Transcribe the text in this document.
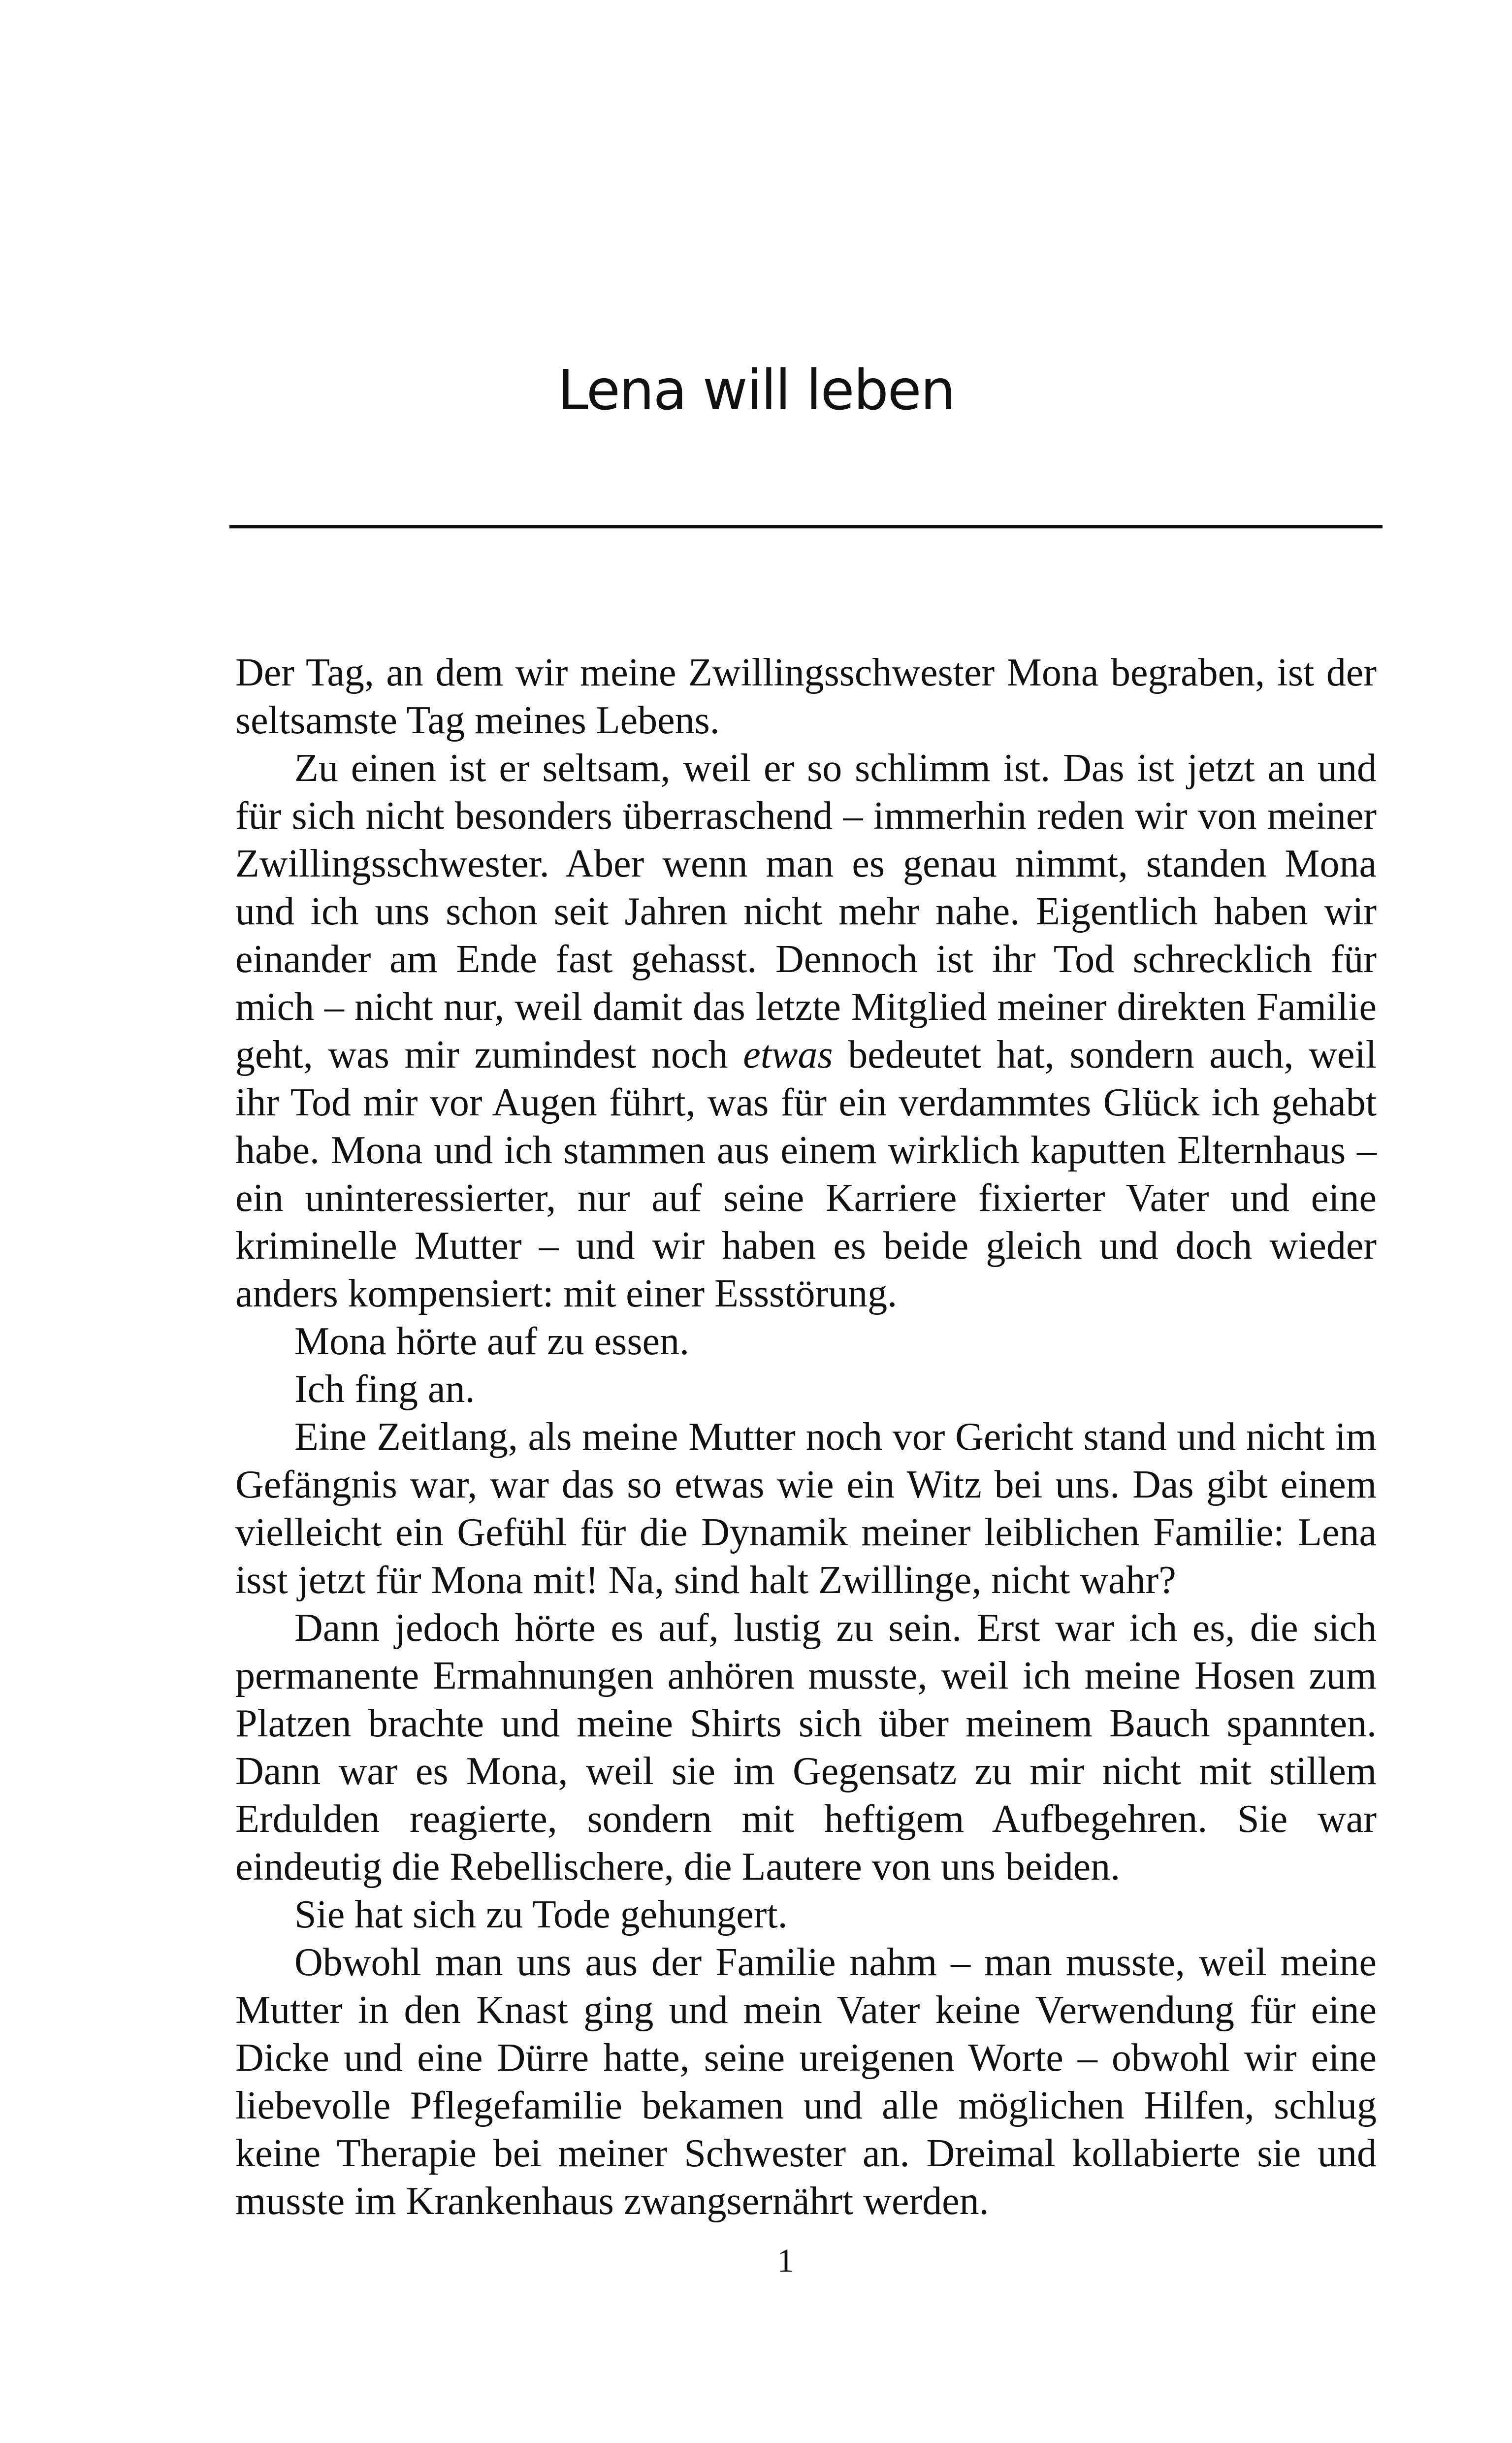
Lena will leben

Der Tag, an dem wir meine Zwillingsschwester Mona begraben, ist der seltsamste Tag meines Lebens.

Zu einen ist er seltsam, weil er so schlimm ist. Das ist jetzt an und für sich nicht besonders überraschend – immerhin reden wir von meiner Zwillingsschwester. Aber wenn man es genau nimmt, standen Mona und ich uns schon seit Jahren nicht mehr nahe. Eigentlich haben wir einander am Ende fast gehasst. Dennoch ist ihr Tod schrecklich für mich – nicht nur, weil damit das letzte Mitglied meiner direkten Familie geht, was mir zumindest noch etwas bedeutet hat, sondern auch, weil ihr Tod mir vor Augen führt, was für ein verdammtes Glück ich gehabt habe. Mona und ich stammen aus einem wirklich kaputten Elternhaus – ein uninteressierter, nur auf seine Karriere fixierter Vater und eine kriminelle Mutter – und wir haben es beide gleich und doch wieder anders kompensiert: mit einer Essstörung.

Mona hörte auf zu essen.

Ich fing an.

Eine Zeitlang, als meine Mutter noch vor Gericht stand und nicht im Gefängnis war, war das so etwas wie ein Witz bei uns. Das gibt einem vielleicht ein Gefühl für die Dynamik meiner leiblichen Familie: Lena isst jetzt für Mona mit! Na, sind halt Zwillinge, nicht wahr?

Dann jedoch hörte es auf, lustig zu sein. Erst war ich es, die sich permanente Ermahnungen anhören musste, weil ich meine Hosen zum Platzen brachte und meine Shirts sich über meinem Bauch spannten. Dann war es Mona, weil sie im Gegensatz zu mir nicht mit stillem Erdulden reagierte, sondern mit heftigem Aufbegehren. Sie war eindeutig die Rebellischere, die Lautere von uns beiden.

Sie hat sich zu Tode gehungert.

Obwohl man uns aus der Familie nahm – man musste, weil meine Mutter in den Knast ging und mein Vater keine Verwendung für eine Dicke und eine Dürre hatte, seine ureigenen Worte – obwohl wir eine liebevolle Pflegefamilie bekamen und alle möglichen Hilfen, schlug keine Therapie bei meiner Schwester an. Dreimal kollabierte sie und musste im Krankenhaus zwangsernährt werden.

1
